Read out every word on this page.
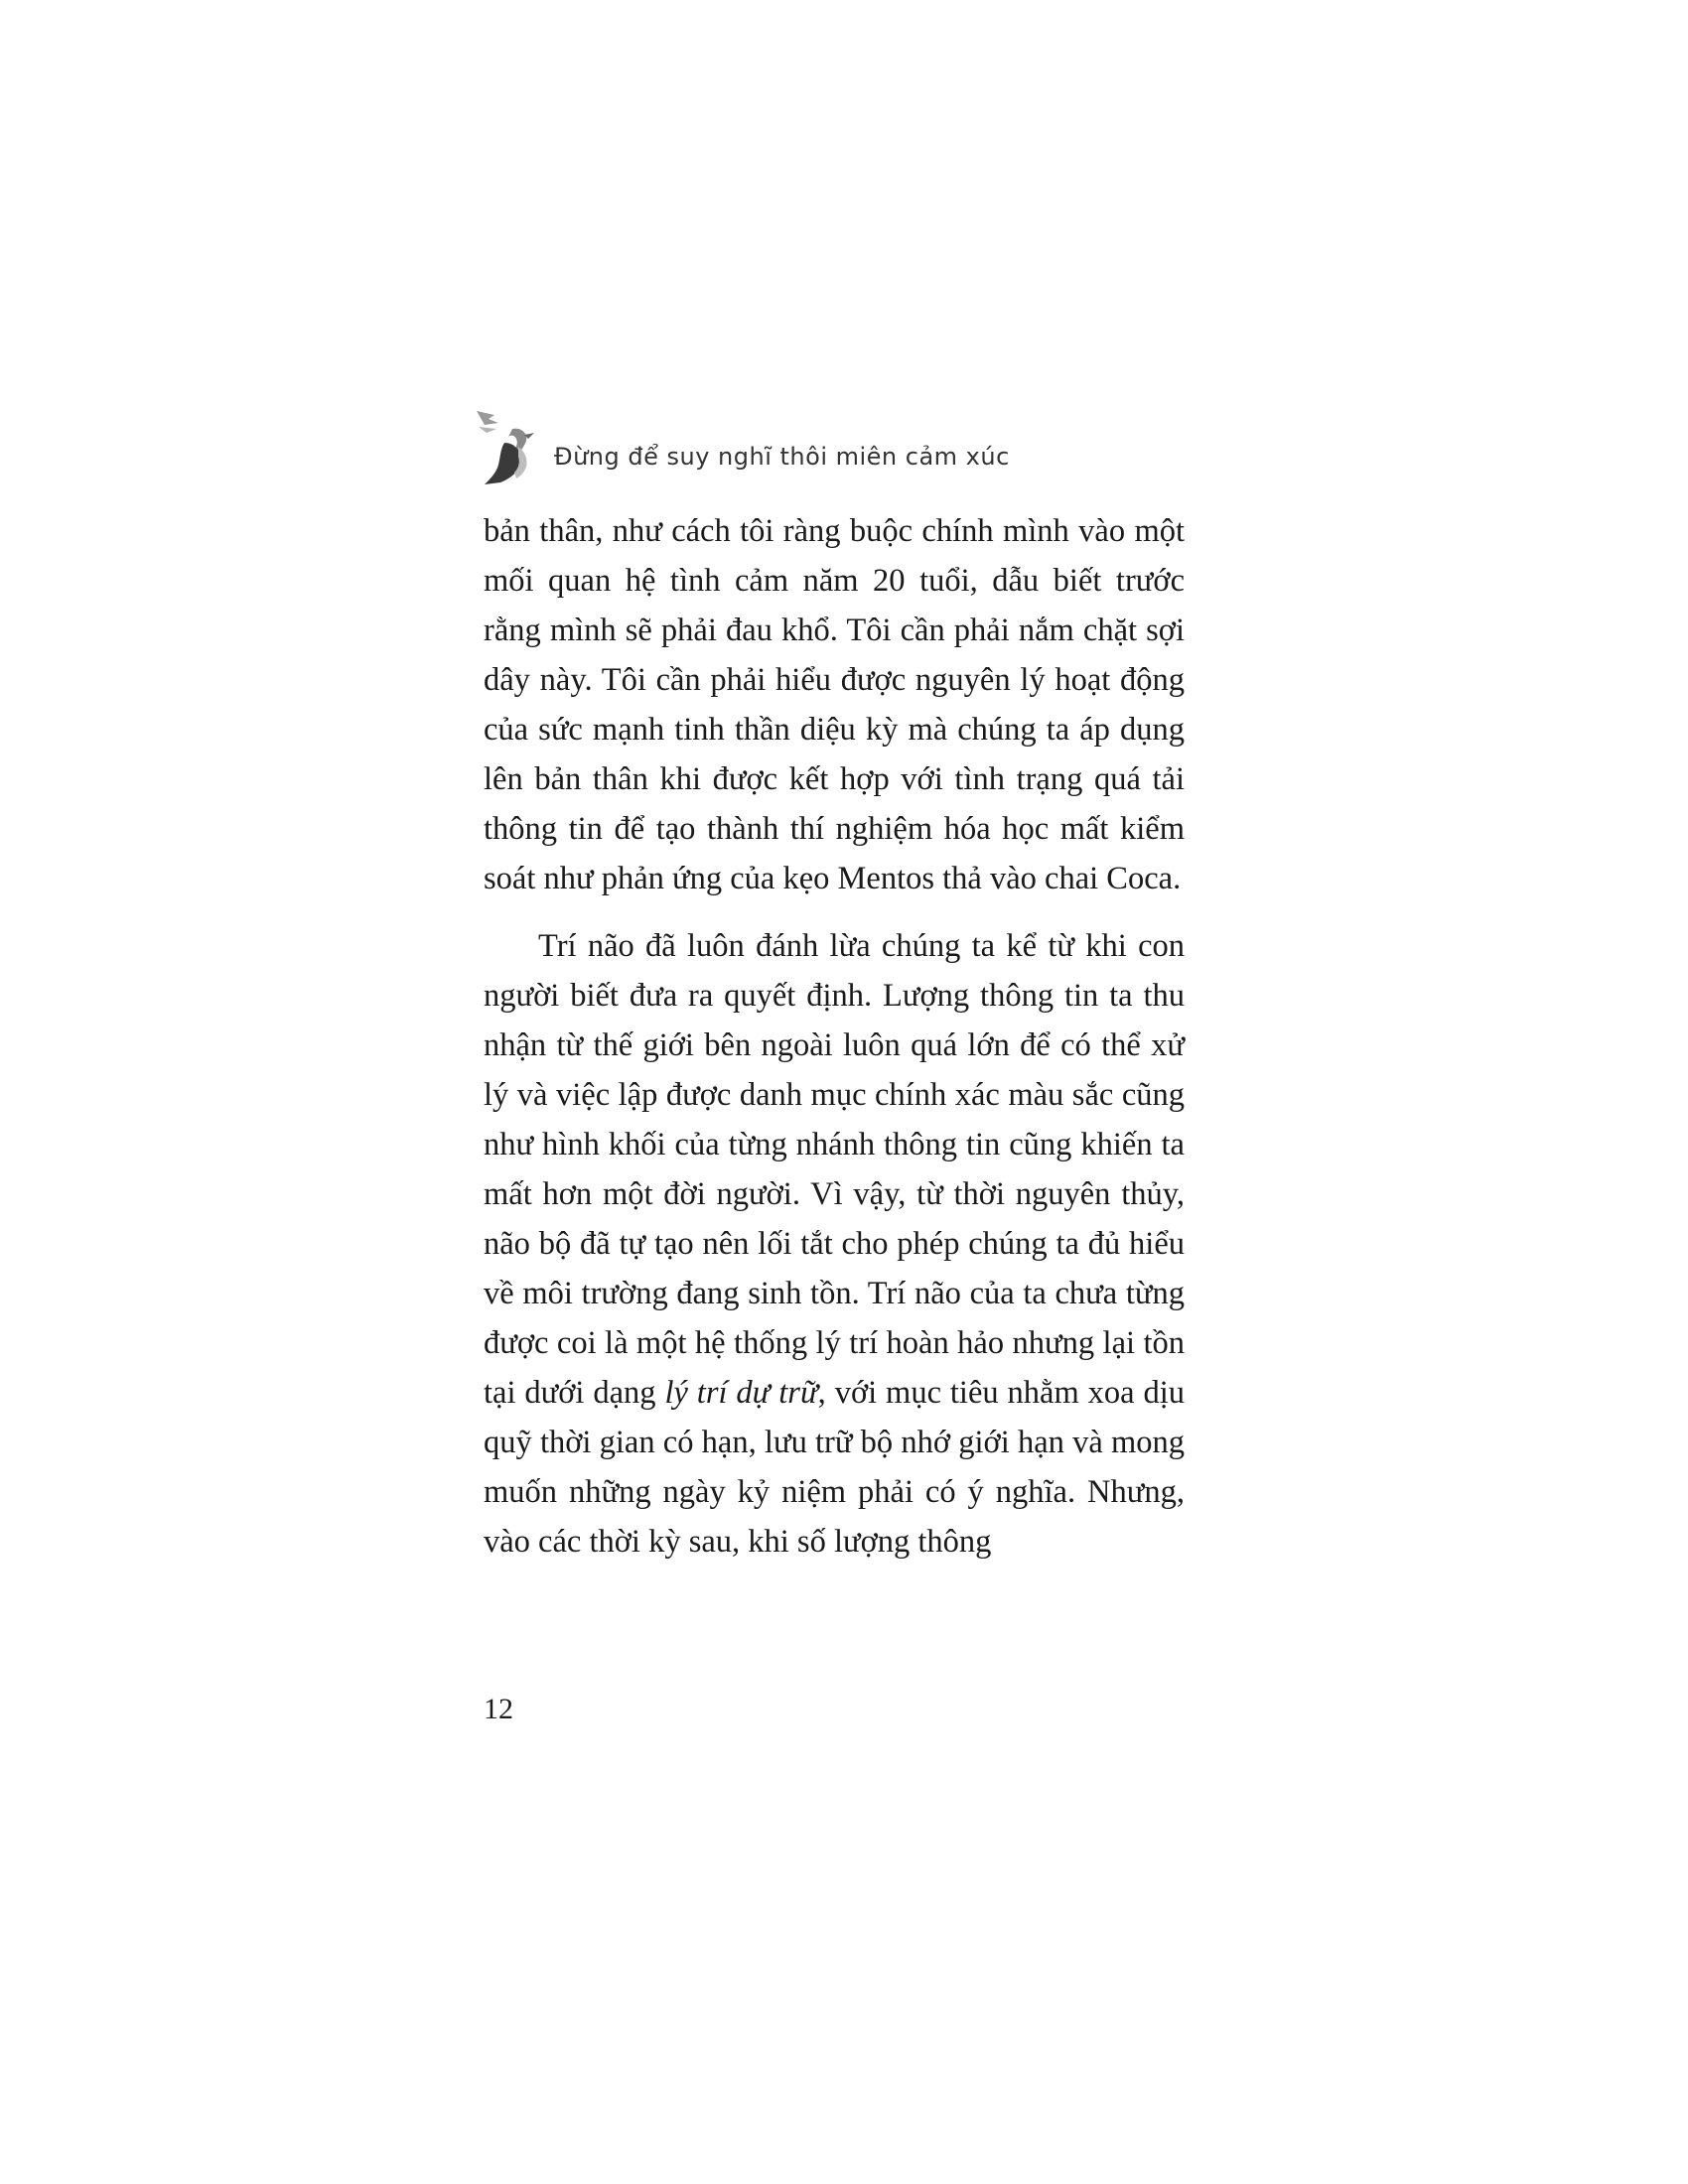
Đừng để suy nghĩ thôi miên cảm xúc

bản thân, như cách tôi ràng buộc chính mình vào một mối quan hệ tình cảm năm 20 tuổi, dẫu biết trước rằng mình sẽ phải đau khổ. Tôi cần phải nắm chặt sợi dây này. Tôi cần phải hiểu được nguyên lý hoạt động của sức mạnh tinh thần diệu kỳ mà chúng ta áp dụng lên bản thân khi được kết hợp với tình trạng quá tải thông tin để tạo thành thí nghiệm hóa học mất kiểm soát như phản ứng của kẹo Mentos thả vào chai Coca.

Trí não đã luôn đánh lừa chúng ta kể từ khi con người biết đưa ra quyết định. Lượng thông tin ta thu nhận từ thế giới bên ngoài luôn quá lớn để có thể xử lý và việc lập được danh mục chính xác màu sắc cũng như hình khối của từng nhánh thông tin cũng khiến ta mất hơn một đời người. Vì vậy, từ thời nguyên thủy, não bộ đã tự tạo nên lối tắt cho phép chúng ta đủ hiểu về môi trường đang sinh tồn. Trí não của ta chưa từng được coi là một hệ thống lý trí hoàn hảo nhưng lại tồn tại dưới dạng lý trí dự trữ, với mục tiêu nhằm xoa dịu quỹ thời gian có hạn, lưu trữ bộ nhớ giới hạn và mong muốn những ngày kỷ niệm phải có ý nghĩa. Nhưng, vào các thời kỳ sau, khi số lượng thông

12
